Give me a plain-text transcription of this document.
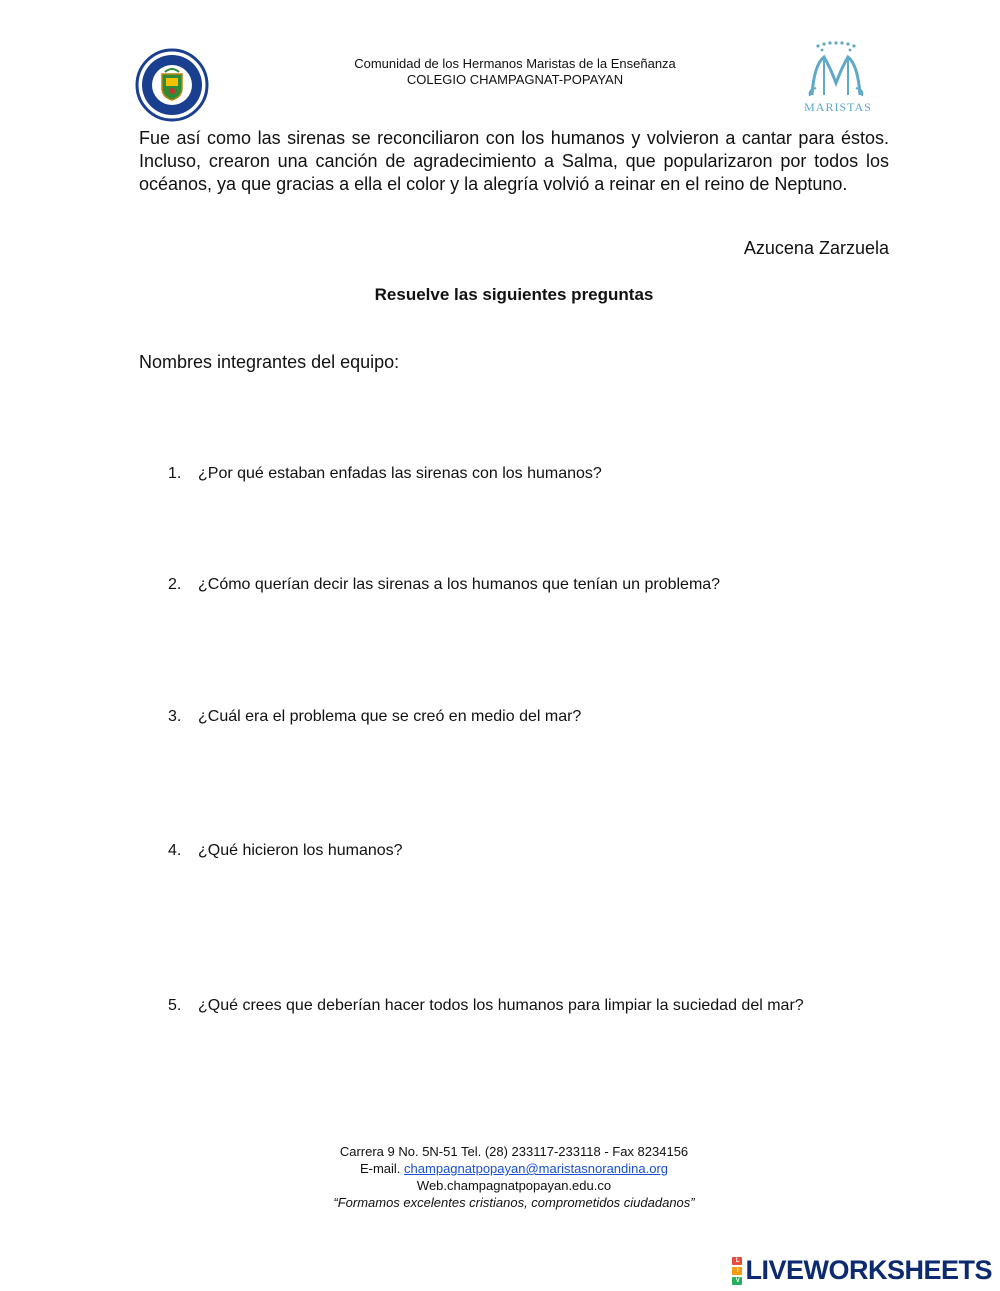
Comunidad de los Hermanos Maristas de la Enseñanza
COLEGIO CHAMPAGNAT-POPAYAN
MARISTAS
Fue así como las sirenas se reconciliaron con los humanos y volvieron a cantar para éstos. Incluso, crearon una canción de agradecimiento a Salma, que popularizaron por todos los océanos, ya que gracias a ella el color y la alegría volvió a reinar en el reino de Neptuno.
Azucena Zarzuela
Resuelve las siguientes preguntas
Nombres integrantes del equipo:
1. ¿Por qué estaban enfadas las sirenas con los humanos?
2. ¿Cómo querían decir las sirenas a los humanos que tenían un problema?
3. ¿Cuál era el problema que se creó en medio del mar?
4. ¿Qué hicieron los humanos?
5. ¿Qué crees que deberían hacer todos los humanos para limpiar la suciedad del mar?
Carrera 9 No. 5N-51 Tel. (28) 233117-233118 - Fax 8234156
E-mail. champagnatpopayan@maristasnorandina.org
Web.champagnatpopayan.edu.co
“Formamos excelentes cristianos, comprometidos ciudadanos”
L
I
V LIVEWORKSHEETS
